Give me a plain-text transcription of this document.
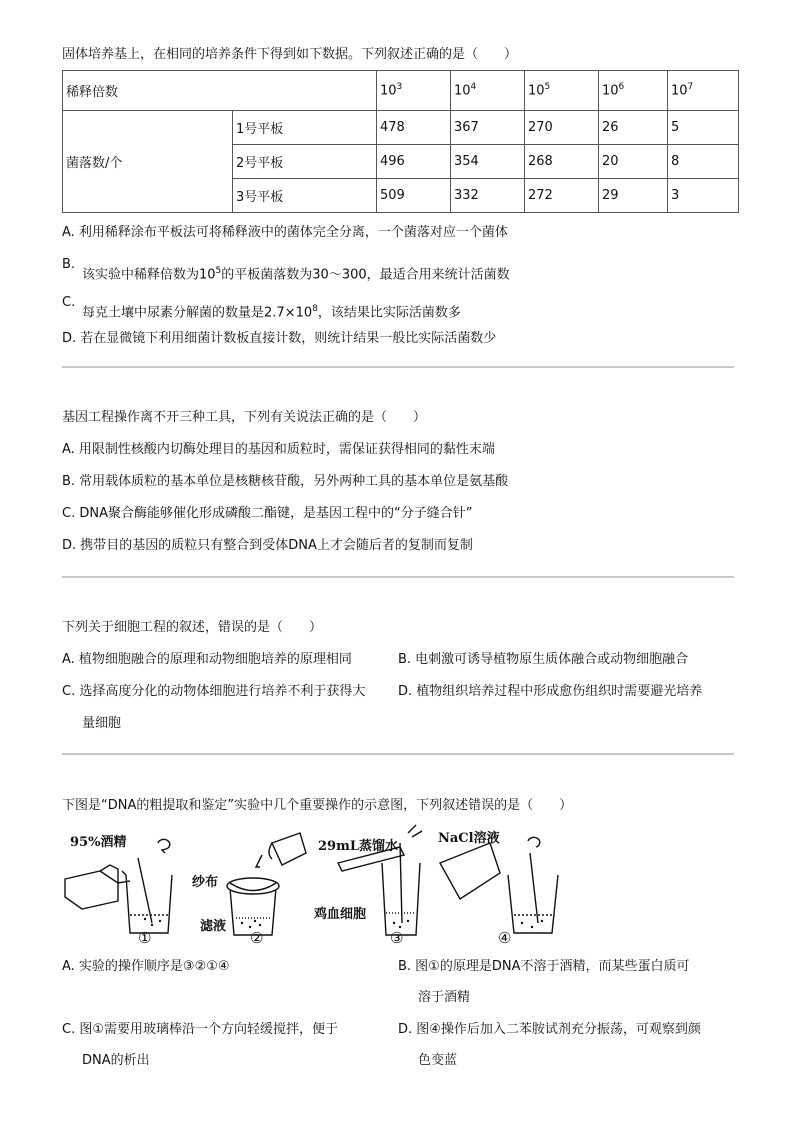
固体培养基上，在相同的培养条件下得到如下数据。下列叙述正确的是（　　）
稀释倍数		$10^3$	$10^4$	$10^5$	$10^6$	$10^7$
菌落数/个	1号平板	478	367	270	26	5
	2号平板	496	354	268	20	8
	3号平板	509	332	272	29	3
A. 利用稀释涂布平板法可将稀释液中的菌体完全分离，一个菌落对应一个菌体
B.
该实验中稀释倍数为$10^5$的平板菌落数为30～300，最适合用来统计活菌数
C.
每克土壤中尿素分解菌的数量是$2.7\times 10^8$，该结果比实际活菌数多
D. 若在显微镜下利用细菌计数板直接计数，则统计结果一般比实际活菌数少
基因工程操作离不开三种工具，下列有关说法正确的是（　　）
A. 用限制性核酸内切酶处理目的基因和质粒时，需保证获得相同的黏性末端
B. 常用载体质粒的基本单位是核糖核苷酸，另外两种工具的基本单位是氨基酸
C. DNA聚合酶能够催化形成磷酸二酯键，是基因工程中的“分子缝合针”
D. 携带目的基因的质粒只有整合到受体DNA上才会随后者的复制而复制
下列关于细胞工程的叙述，错误的是（　　）
A. 植物细胞融合的原理和动物细胞培养的原理相同	B. 电刺激可诱导植物原生质体融合或动物细胞融合
C. 选择高度分化的动物体细胞进行培养不利于获得大
量细胞
D. 植物组织培养过程中形成愈伤组织时需要避光培养
下图是“DNA的粗提取和鉴定”实验中几个重要操作的示意图，下列叙述错误的是（　　）
95%酒精
纱布
滤液
29mL蒸馏水
鸡血细胞
NaCl溶液
①	②	③	④
A. 实验的操作顺序是③②①④	B. 图①的原理是DNA不溶于酒精，而某些蛋白质可
溶于酒精
C. 图①需要用玻璃棒沿一个方向轻缓搅拌，便于
DNA的析出
D. 图④操作后加入二苯胺试剂充分振荡，可观察到颜
色变蓝
